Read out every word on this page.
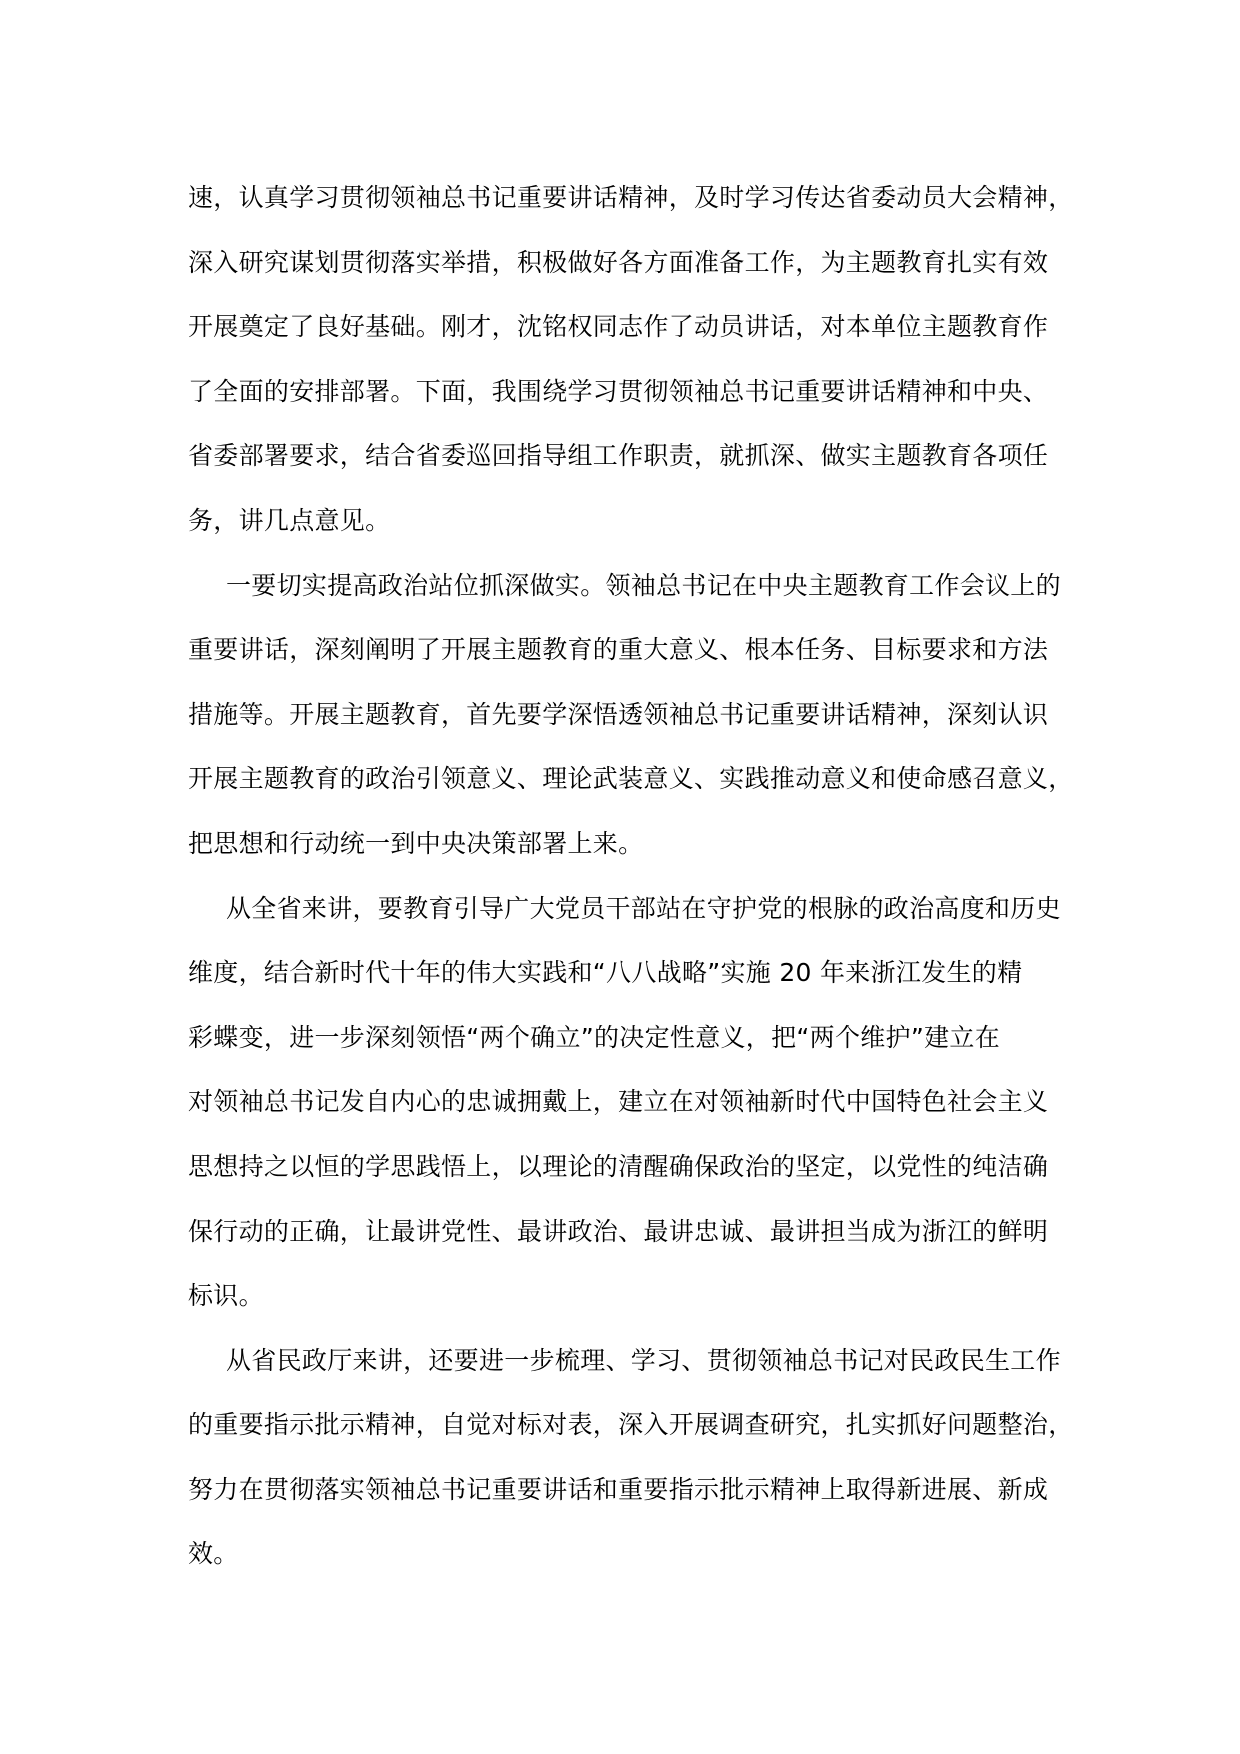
速，认真学习贯彻领袖总书记重要讲话精神，及时学习传达省委动员大会精神，
深入研究谋划贯彻落实举措，积极做好各方面准备工作，为主题教育扎实有效
开展奠定了良好基础。刚才，沈铭权同志作了动员讲话，对本单位主题教育作
了全面的安排部署。下面，我围绕学习贯彻领袖总书记重要讲话精神和中央、
省委部署要求，结合省委巡回指导组工作职责，就抓深、做实主题教育各项任
务，讲几点意见。
一要切实提高政治站位抓深做实。领袖总书记在中央主题教育工作会议上的
重要讲话，深刻阐明了开展主题教育的重大意义、根本任务、目标要求和方法
措施等。开展主题教育，首先要学深悟透领袖总书记重要讲话精神，深刻认识
开展主题教育的政治引领意义、理论武装意义、实践推动意义和使命感召意义，
把思想和行动统一到中央决策部署上来。
从全省来讲，要教育引导广大党员干部站在守护党的根脉的政治高度和历史
维度，结合新时代十年的伟大实践和“八八战略”实施 20 年来浙江发生的精
彩蝶变，进一步深刻领悟“两个确立”的决定性意义，把“两个维护”建立在
对领袖总书记发自内心的忠诚拥戴上，建立在对领袖新时代中国特色社会主义
思想持之以恒的学思践悟上，以理论的清醒确保政治的坚定，以党性的纯洁确
保行动的正确，让最讲党性、最讲政治、最讲忠诚、最讲担当成为浙江的鲜明
标识。
从省民政厅来讲，还要进一步梳理、学习、贯彻领袖总书记对民政民生工作
的重要指示批示精神，自觉对标对表，深入开展调查研究，扎实抓好问题整治，
努力在贯彻落实领袖总书记重要讲话和重要指示批示精神上取得新进展、新成
效。
